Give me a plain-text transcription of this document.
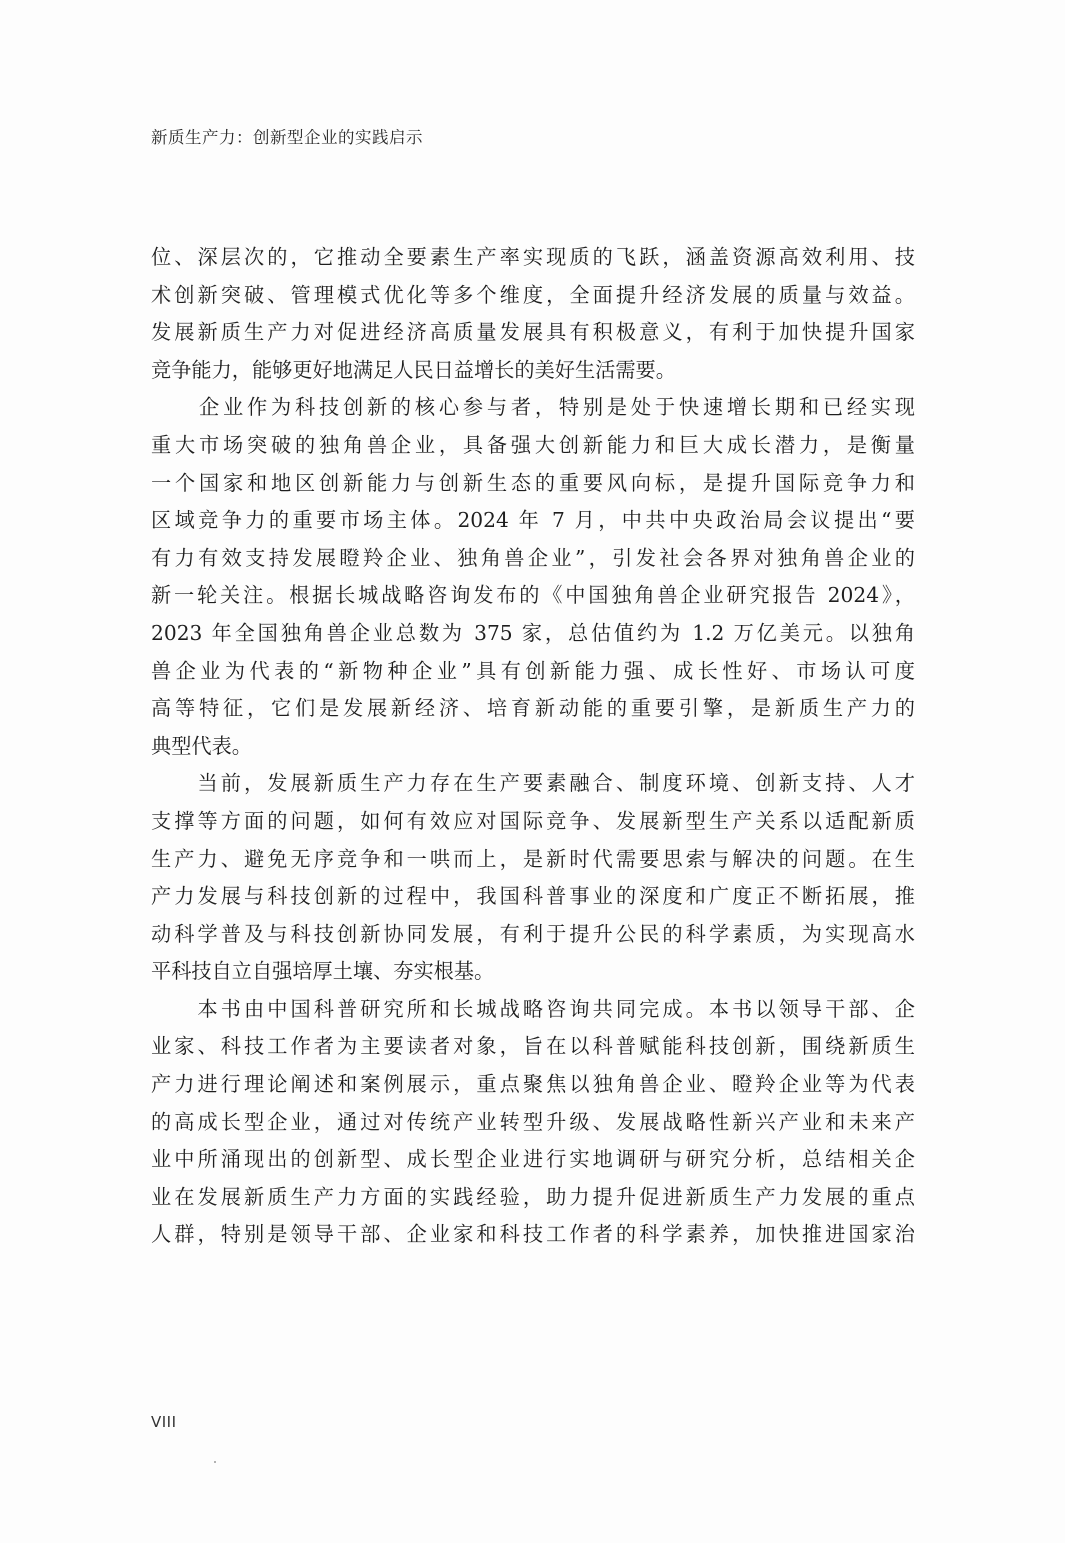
新质生产力：创新型企业的实践启示
位、深层次的，它推动全要素生产率实现质的飞跃，涵盖资源高效利用、技
术创新突破、管理模式优化等多个维度，全面提升经济发展的质量与效益。
发展新质生产力对促进经济高质量发展具有积极意义，有利于加快提升国家
竞争能力，能够更好地满足人民日益增长的美好生活需要。
　　企业作为科技创新的核心参与者，特别是处于快速增长期和已经实现
重大市场突破的独角兽企业，具备强大创新能力和巨大成长潜力，是衡量
一个国家和地区创新能力与创新生态的重要风向标，是提升国际竞争力和
区域竞争力的重要市场主体。2024 年 7 月，中共中央政治局会议提出“要
有力有效支持发展瞪羚企业、独角兽企业”，引发社会各界对独角兽企业的
新一轮关注。根据长城战略咨询发布的《中国独角兽企业研究报告 2024》，
2023 年全国独角兽企业总数为 375 家，总估值约为 1.2 万亿美元。以独角
兽企业为代表的“新物种企业”具有创新能力强、成长性好、市场认可度
高等特征，它们是发展新经济、培育新动能的重要引擎，是新质生产力的
典型代表。
　　当前，发展新质生产力存在生产要素融合、制度环境、创新支持、人才
支撑等方面的问题，如何有效应对国际竞争、发展新型生产关系以适配新质
生产力、避免无序竞争和一哄而上，是新时代需要思索与解决的问题。在生
产力发展与科技创新的过程中，我国科普事业的深度和广度正不断拓展，推
动科学普及与科技创新协同发展，有利于提升公民的科学素质，为实现高水
平科技自立自强培厚土壤、夯实根基。
　　本书由中国科普研究所和长城战略咨询共同完成。本书以领导干部、企
业家、科技工作者为主要读者对象，旨在以科普赋能科技创新，围绕新质生
产力进行理论阐述和案例展示，重点聚焦以独角兽企业、瞪羚企业等为代表
的高成长型企业，通过对传统产业转型升级、发展战略性新兴产业和未来产
业中所涌现出的创新型、成长型企业进行实地调研与研究分析，总结相关企
业在发展新质生产力方面的实践经验，助力提升促进新质生产力发展的重点
人群，特别是领导干部、企业家和科技工作者的科学素养，加快推进国家治
VIII
